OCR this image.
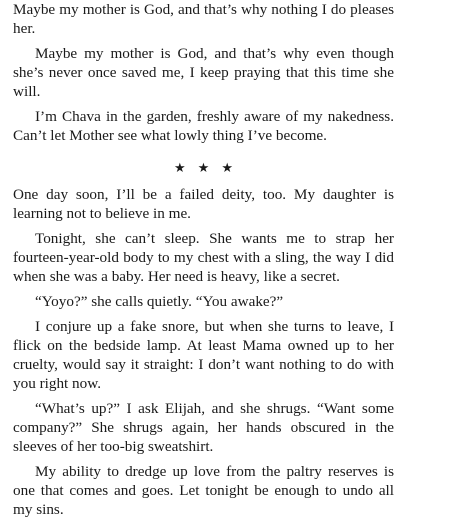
Maybe my mother is God, and that’s why nothing I do pleases her.

Maybe my mother is God, and that’s why even though she’s never once saved me, I keep praying that this time she will.

I’m Chava in the garden, freshly aware of my nakedness. Can’t let Mother see what lowly thing I’ve become.

★★★

One day soon, I’ll be a failed deity, too. My daughter is learning not to believe in me.

Tonight, she can’t sleep. She wants me to strap her fourteen-year-old body to my chest with a sling, the way I did when she was a baby. Her need is heavy, like a secret.

“Yoyo?” she calls quietly. “You awake?”

I conjure up a fake snore, but when she turns to leave, I flick on the bedside lamp. At least Mama owned up to her cruelty, would say it straight: I don’t want nothing to do with you right now.

“What’s up?” I ask Elijah, and she shrugs. “Want some company?” She shrugs again, her hands obscured in the sleeves of her too-big sweatshirt.

My ability to dredge up love from the paltry reserves is one that comes and goes. Let tonight be enough to undo all my sins.
